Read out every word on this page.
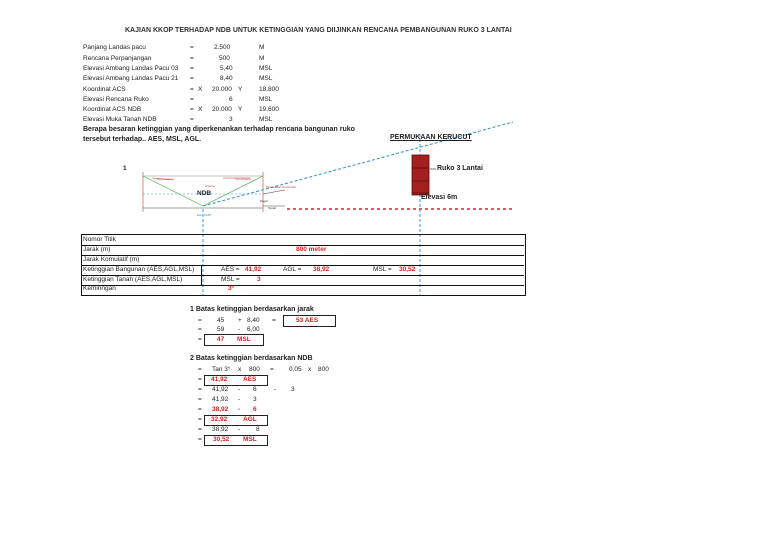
KAJIAN KKOP TERHADAP NDB UNTUK KETINGGIAN YANG DIIJINKAN RENCANA PEMBANGUNAN RUKO 3 LANTAI
Panjang Landas pacu	=	2.500	M
Rencana Perpanjangan	=	500	M
Elevasi Ambang Landas Pacu 03 =	5,40	MSL
Elevasi Ambang Landas Pacu 21 =	8,40	MSL
Koordinat ACS	= X 20.000 Y	18.800
Elevasi Rencana Ruko	=	6	MSL
Koordinat ACS NDB	= X 20.000 Y	19.600
Elevasi Muka Tanah NDB	=	3	MSL
Berapa besaran ketinggian yang diperkenankan terhadap rencana bangunan ruko
tersebut terhadap.. AES, MSL, AGL.	PERMUKAAN KERUCUT
Ruko 3 Lantai
Elevasi 6m
1
NDB
Tepi Antena
Antena
Tepi Antena
Permukaan Horizontal
Pagar
Tanah
Elev. NDB
Nomor Titik
Jarak (m)	800 meter
Jarak Komulatif (m)
Ketinggian Bangunan (AES,AGL,MSL)	AES = 41,92	AGL = 38,92	MSL = 30,52
Ketinggian Tanah (AES,AGL,MSL)	MSL =	3
Kemiringan	3°
1 Batas ketinggian berdasarkan jarak
= 45 + 8,40 =	53 AES
= 59 - 6,00
= 47 MSL
2 Batas ketinggian berdasarkan NDB
= Tan 3° x 800 = 0,05 x 800
= 41,92 AES
= 41,92 - 6	- 3
= 41,92 - 3
= 38,92 - 6
= 32,92 AGL
= 38,92 - 8
= 30,52 MSL
